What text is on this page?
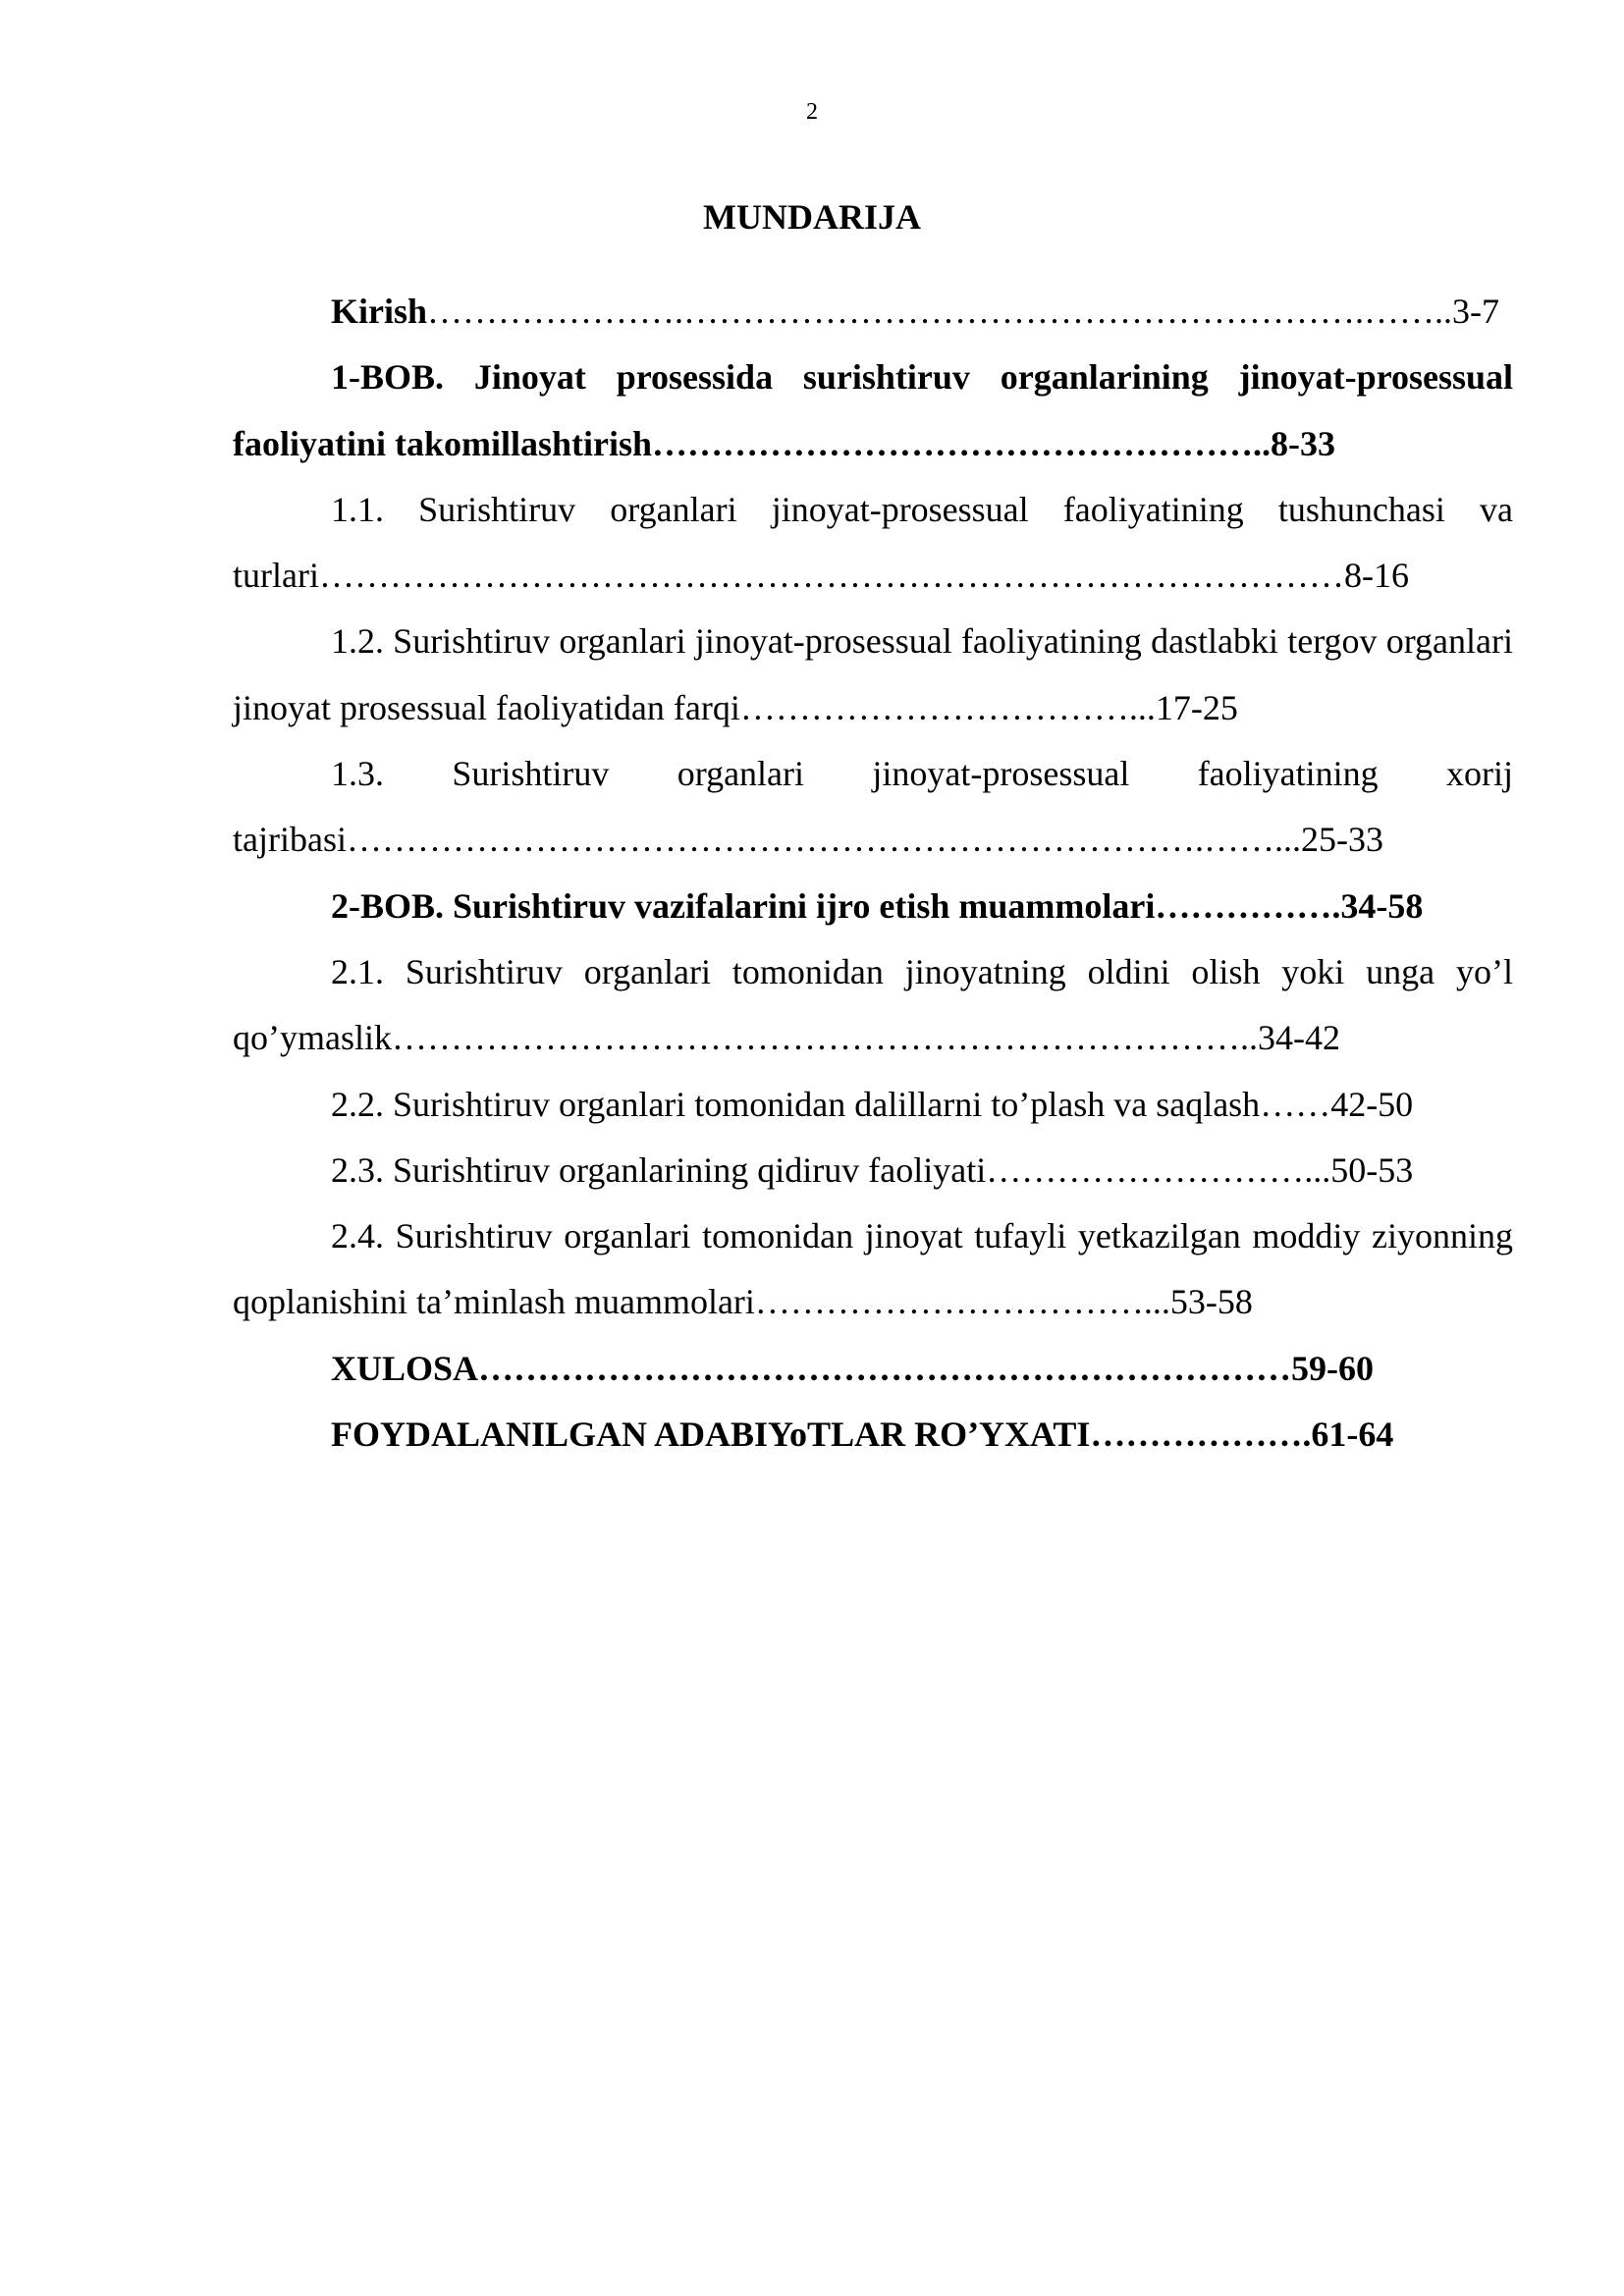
2
MUNDARIJA

Kirish………………….………………………………………………….……..3-7

1-BOB. Jinoyat prosessida surishtiruv organlarining jinoyat-prosessual faoliyatini takomillashtirish……………………………………………..8-33

1.1. Surishtiruv organlari jinoyat-prosessual faoliyatining tushunchasi va turlari……………………………………………………………………………8-16

1.2. Surishtiruv organlari jinoyat-prosessual faoliyatining dastlabki tergov organlari jinoyat prosessual faoliyatidan farqi……………………………...17-25

1.3. Surishtiruv organlari jinoyat-prosessual faoliyatining xorij tajribasi……………………………………………………………….……...25-33

2-BOB. Surishtiruv vazifalarini ijro etish muammolari…………….34-58

2.1. Surishtiruv organlari tomonidan jinoyatning oldini olish yoki unga yo’l qo’ymaslik………………………………………………………………..34-42

2.2. Surishtiruv organlari tomonidan dalillarni to’plash va saqlash……42-50

2.3. Surishtiruv organlarining qidiruv faoliyati………………………...50-53

2.4. Surishtiruv organlari tomonidan jinoyat tufayli yetkazilgan moddiy ziyonning qoplanishini ta’minlash muammolari……………………………...53-58

XULOSA……………………………………………………………59-60

FOYDALANILGAN ADABIYoTLAR RO’YXATI……………….61-64
